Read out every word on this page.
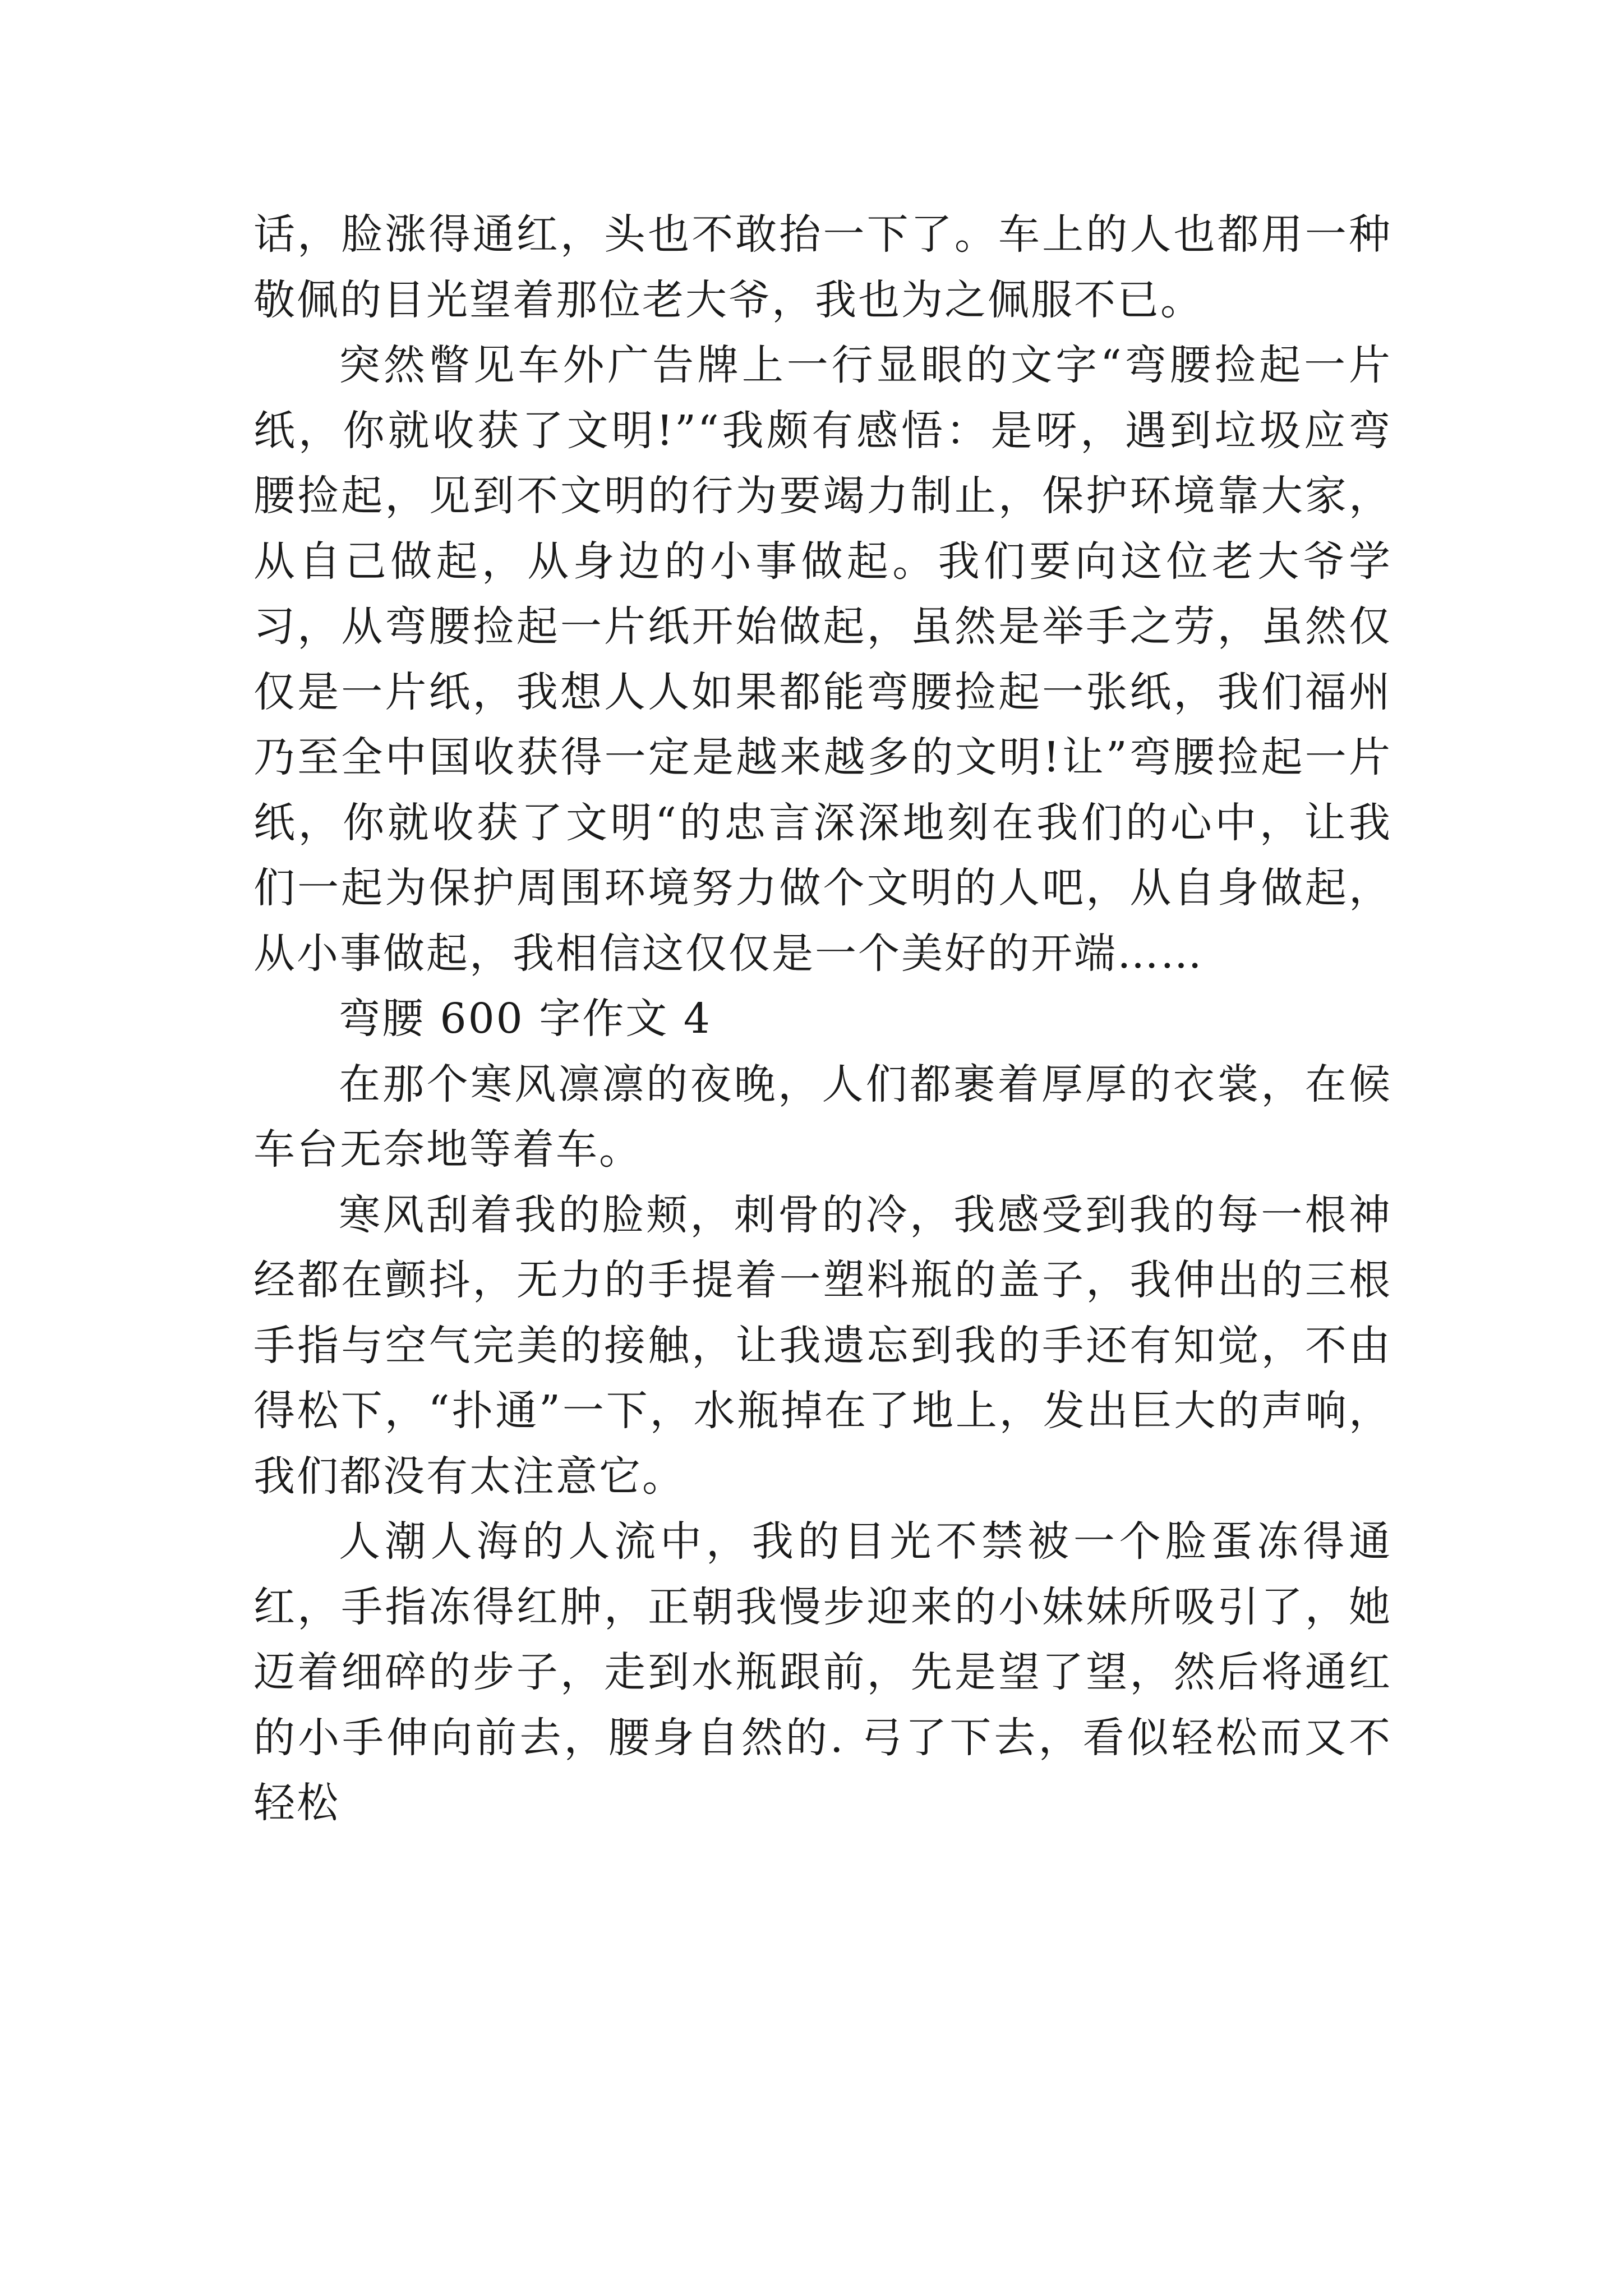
话，脸涨得通红，头也不敢抬一下了。车上的人也都用一种敬佩的目光望着那位老大爷，我也为之佩服不已。

突然瞥见车外广告牌上一行显眼的文字“弯腰捡起一片纸，你就收获了文明!”“我颇有感悟：是呀，遇到垃圾应弯腰捡起，见到不文明的行为要竭力制止，保护环境靠大家，从自己做起，从身边的小事做起。我们要向这位老大爷学习，从弯腰捡起一片纸开始做起，虽然是举手之劳，虽然仅仅是一片纸，我想人人如果都能弯腰捡起一张纸，我们福州乃至全中国收获得一定是越来越多的文明!让”弯腰捡起一片纸，你就收获了文明“的忠言深深地刻在我们的心中，让我们一起为保护周围环境努力做个文明的人吧，从自身做起，从小事做起，我相信这仅仅是一个美好的开端……

弯腰 600 字作文 4

在那个寒风凛凛的夜晚，人们都裹着厚厚的衣裳，在候车台无奈地等着车。

寒风刮着我的脸颊，刺骨的冷，我感受到我的每一根神经都在颤抖，无力的手提着一塑料瓶的盖子，我伸出的三根手指与空气完美的接触，让我遗忘到我的手还有知觉，不由得松下，“扑通”一下，水瓶掉在了地上，发出巨大的声响，我们都没有太注意它。

人潮人海的人流中，我的目光不禁被一个脸蛋冻得通红，手指冻得红肿，正朝我慢步迎来的小妹妹所吸引了，她迈着细碎的步子，走到水瓶跟前，先是望了望，然后将通红的小手伸向前去，腰身自然的. 弓了下去，看似轻松而又不轻松
